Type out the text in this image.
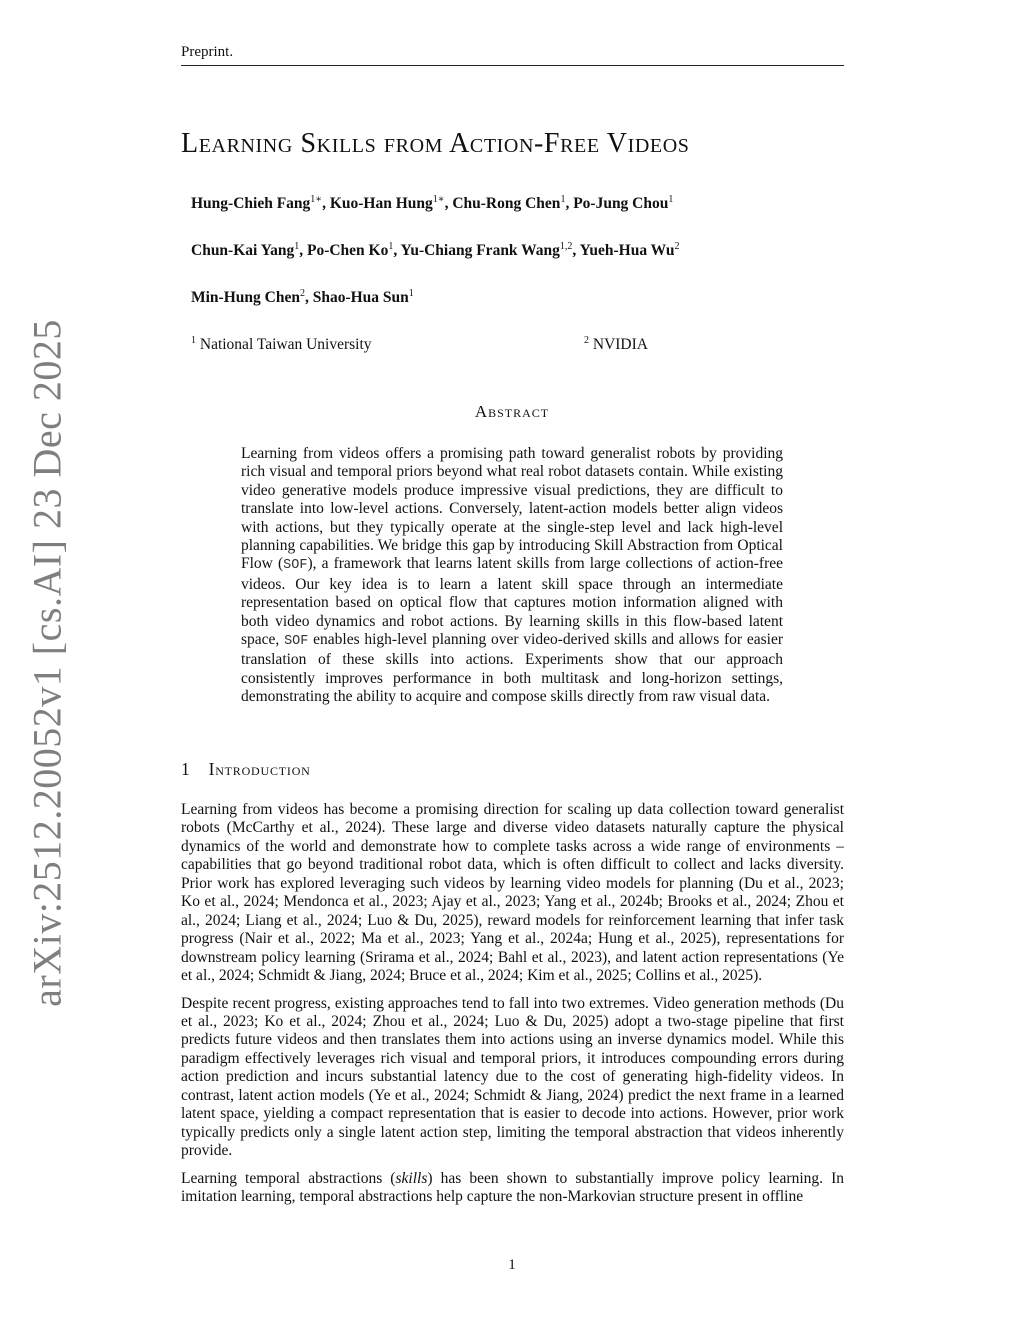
Preprint.
arXiv:2512.20052v1 [cs.AI] 23 Dec 2025
Learning Skills from Action-Free Videos
Hung-Chieh Fang$^{1∗}$, Kuo-Han Hung$^{1∗}$, Chu-Rong Chen$^1$, Po-Jung Chou$^1$
Chun-Kai Yang$^1$, Po-Chen Ko$^1$, Yu-Chiang Frank Wang$^{1,2}$, Yueh-Hua Wu$^2$
Min-Hung Chen$^2$, Shao-Hua Sun$^1$
$^1$ National Taiwan University	$^2$ NVIDIA
Abstract
Learning from videos offers a promising path toward generalist robots by providing rich visual and temporal priors beyond what real robot datasets contain. While existing video generative models produce impressive visual predictions, they are difficult to translate into low-level actions. Conversely, latent-action models better align videos with actions, but they typically operate at the single-step level and lack high-level planning capabilities. We bridge this gap by introducing Skill Abstraction from Optical Flow (SOF), a framework that learns latent skills from large collections of action-free videos. Our key idea is to learn a latent skill space through an intermediate representation based on optical flow that captures motion information aligned with both video dynamics and robot actions. By learning skills in this flow-based latent space, SOF enables high-level planning over video-derived skills and allows for easier translation of these skills into actions. Experiments show that our approach consistently improves performance in both multitask and long-horizon settings, demonstrating the ability to acquire and compose skills directly from raw visual data.
1 Introduction

Learning from videos has become a promising direction for scaling up data collection toward generalist robots (McCarthy et al., 2024). These large and diverse video datasets naturally capture the physical dynamics of the world and demonstrate how to complete tasks across a wide range of environments – capabilities that go beyond traditional robot data, which is often difficult to collect and lacks diversity. Prior work has explored leveraging such videos by learning video models for planning (Du et al., 2023; Ko et al., 2024; Mendonca et al., 2023; Ajay et al., 2023; Yang et al., 2024b; Brooks et al., 2024; Zhou et al., 2024; Liang et al., 2024; Luo & Du, 2025), reward models for reinforcement learning that infer task progress (Nair et al., 2022; Ma et al., 2023; Yang et al., 2024a; Hung et al., 2025), representations for downstream policy learning (Srirama et al., 2024; Bahl et al., 2023), and latent action representations (Ye et al., 2024; Schmidt & Jiang, 2024; Bruce et al., 2024; Kim et al., 2025; Collins et al., 2025).

Despite recent progress, existing approaches tend to fall into two extremes. Video generation methods (Du et al., 2023; Ko et al., 2024; Zhou et al., 2024; Luo & Du, 2025) adopt a two-stage pipeline that first predicts future videos and then translates them into actions using an inverse dynamics model. While this paradigm effectively leverages rich visual and temporal priors, it introduces compounding errors during action prediction and incurs substantial latency due to the cost of generating high-fidelity videos. In contrast, latent action models (Ye et al., 2024; Schmidt & Jiang, 2024) predict the next frame in a learned latent space, yielding a compact representation that is easier to decode into actions. However, prior work typically predicts only a single latent action step, limiting the temporal abstraction that videos inherently provide.

Learning temporal abstractions (skills) has been shown to substantially improve policy learning. In imitation learning, temporal abstractions help capture the non-Markovian structure present in offline

1
